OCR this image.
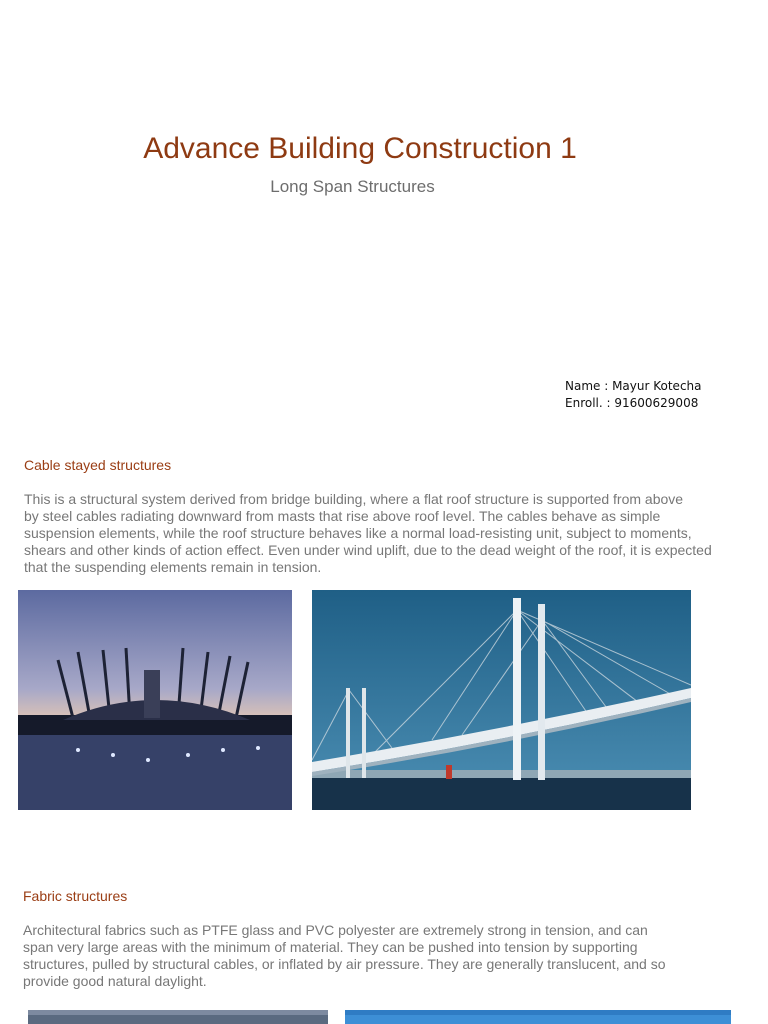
Advance Building Construction 1
Long Span Structures
Name : Mayur Kotecha
Enroll. : 91600629008
Cable stayed structures
This is a structural system derived from bridge building, where a flat roof structure is supported from above
by steel cables radiating downward from masts that rise above roof level. The cables behave as simple
suspension elements, while the roof structure behaves like a normal load-resisting unit, subject to moments,
shears and other kinds of action effect. Even under wind uplift, due to the dead weight of the roof, it is expected
that the suspending elements remain in tension.
Fabric structures
Architectural fabrics such as PTFE glass and PVC polyester are extremely strong in tension, and can
span very large areas with the minimum of material. They can be pushed into tension by supporting
structures, pulled by structural cables, or inflated by air pressure. They are generally translucent, and so
provide good natural daylight.
